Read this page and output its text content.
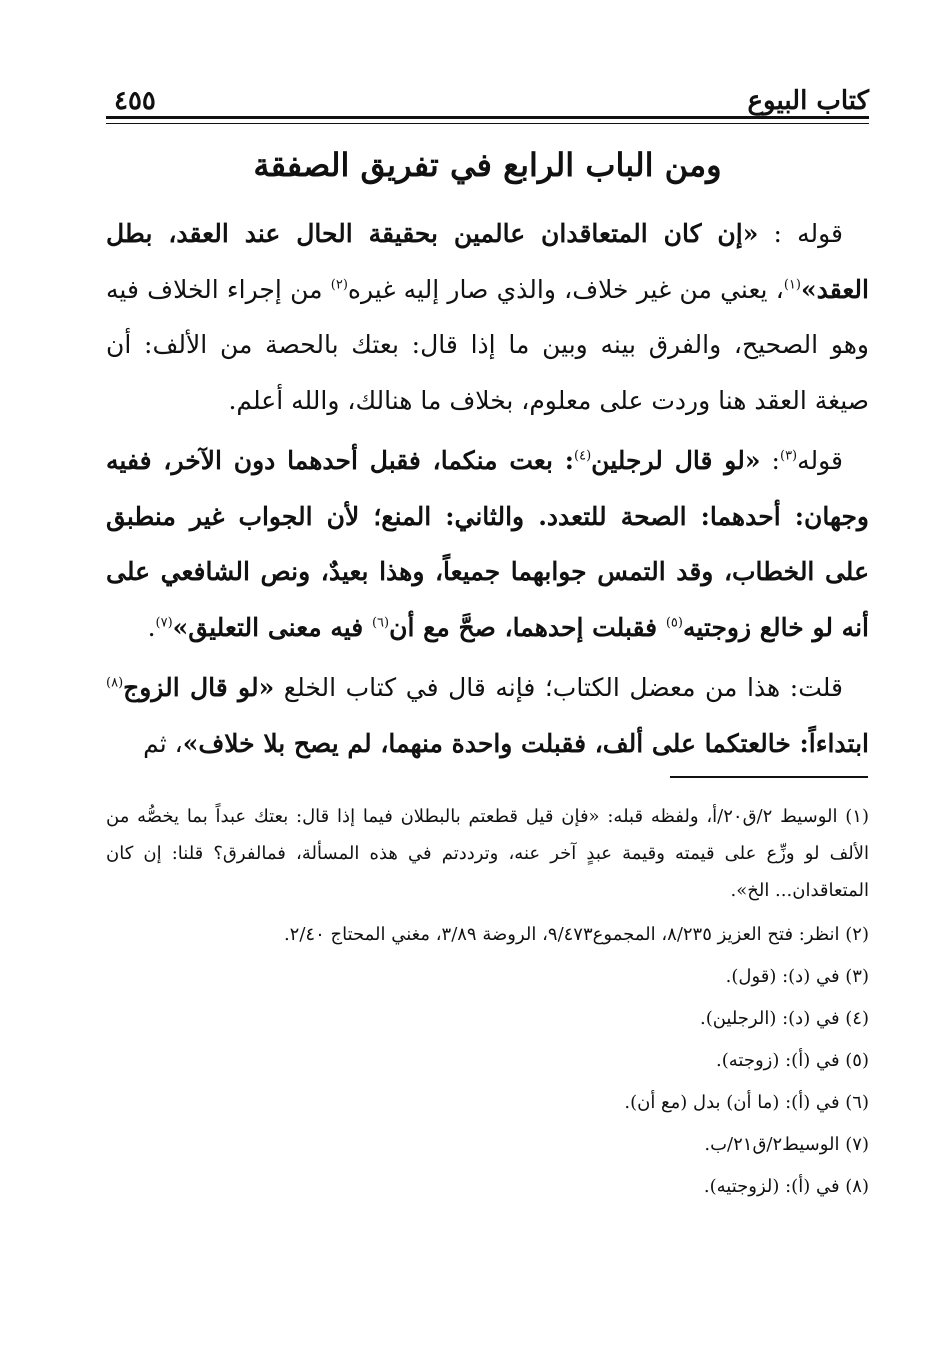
كتاب البيوع
٤٥٥
ومن الباب الرابع في تفريق الصفقة

قوله : «إن كان المتعاقدان عالمين بحقيقة الحال عند العقد، بطل العقد»$^{(١)}$، يعني من غير خلاف، والذي صار إليه غيره$^{(٢)}$ من إجراء الخلاف فيه وهو الصحيح، والفرق بينه وبين ما إذا قال: بعتك بالحصة من الألف: أن صيغة العقد هنا وردت على معلوم، بخلاف ما هنالك، والله أعلم.

قوله$^{(٣)}$: «لو قال لرجلين$^{(٤)}$: بعت منكما، فقبل أحدهما دون الآخر، ففيه وجهان: أحدهما: الصحة للتعدد. والثاني: المنع؛ لأن الجواب غير منطبق على الخطاب، وقد التمس جوابهما جميعاً، وهذا بعيدٌ، ونص الشافعي على أنه لو خالع زوجتيه$^{(٥)}$ فقبلت إحدهما، صحَّ مع أن$^{(٦)}$ فيه معنى التعليق»$^{(٧)}$.

قلت: هذا من معضل الكتاب؛ فإنه قال في كتاب الخلع «لو قال الزوج$^{(٨)}$ ابتداءاً: خالعتكما على ألف، فقبلت واحدة منهما، لم يصح بلا خلاف»، ثم

(١) الوسيط ٢/ق٢٠/أ، ولفظه قبله: «فإن قيل قطعتم بالبطلان فيما إذا قال: بعتك عبداً بما يخصُّه من الألف لو وزِّع على قيمته وقيمة عبدٍ آخر عنه، وترددتم في هذه المسألة، فمالفرق؟ قلنا: إن كان المتعاقدان... الخ».

(٢) انظر: فتح العزيز ٨/٢٣٥، المجموع٩/٤٧٣، الروضة ٣/٨٩، مغني المحتاج ٢/٤٠.

(٣) في (د): (قول).

(٤) في (د): (الرجلين).

(٥) في (أ): (زوجته).

(٦) في (أ): (ما أن) بدل (مع أن).

(٧) الوسيط٢/ق٢١/ب.

(٨) في (أ): (لزوجتيه).
